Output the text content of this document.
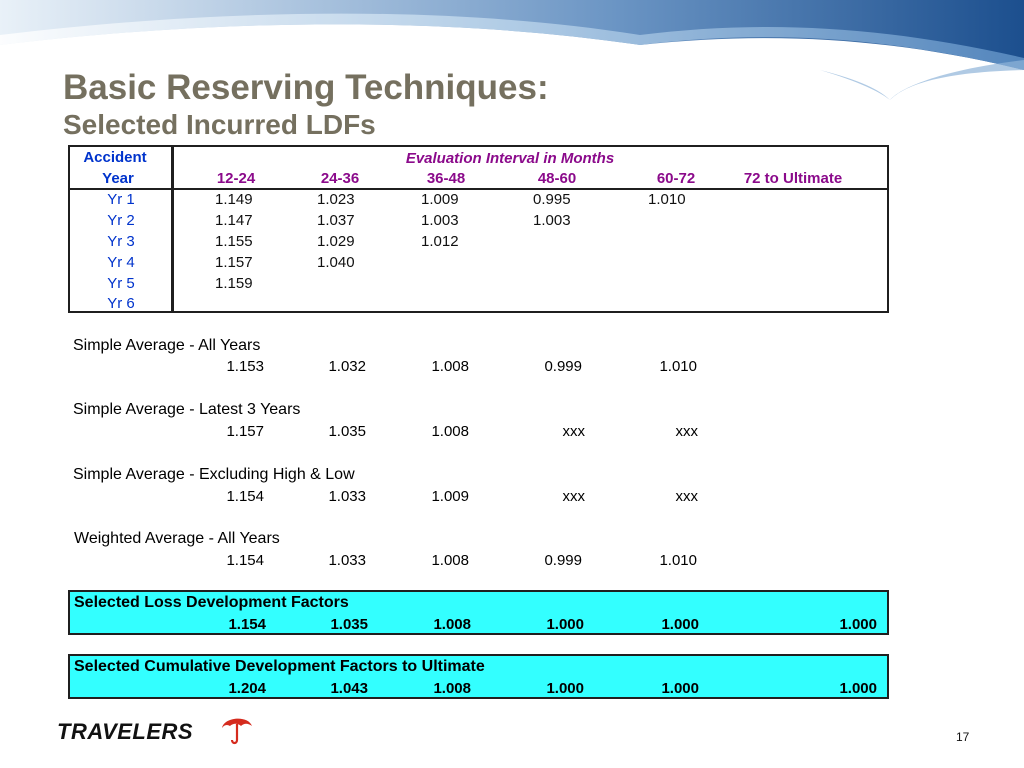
Basic Reserving Techniques:
Selected Incurred LDFs
Accident
Year
Evaluation Interval in Months
12-24	24-36	36-48	48-60	60-72	72 to Ultimate
Yr 1	1.149	1.023	1.009	0.995	1.010
Yr 2	1.147	1.037	1.003	1.003
Yr 3	1.155	1.029	1.012
Yr 4	1.157	1.040
Yr 5	1.159
Yr 6
Simple Average - All Years
1.153	1.032	1.008	0.999	1.010
Simple Average - Latest 3 Years
1.157	1.035	1.008	xxx	xxx
Simple Average - Excluding High & Low
1.154	1.033	1.009	xxx	xxx
Weighted Average - All Years
1.154	1.033	1.008	0.999	1.010
Selected Loss Development Factors
1.154	1.035	1.008	1.000	1.000	1.000
Selected Cumulative Development Factors to Ultimate
1.204	1.043	1.008	1.000	1.000	1.000
TRAVELERS	17
